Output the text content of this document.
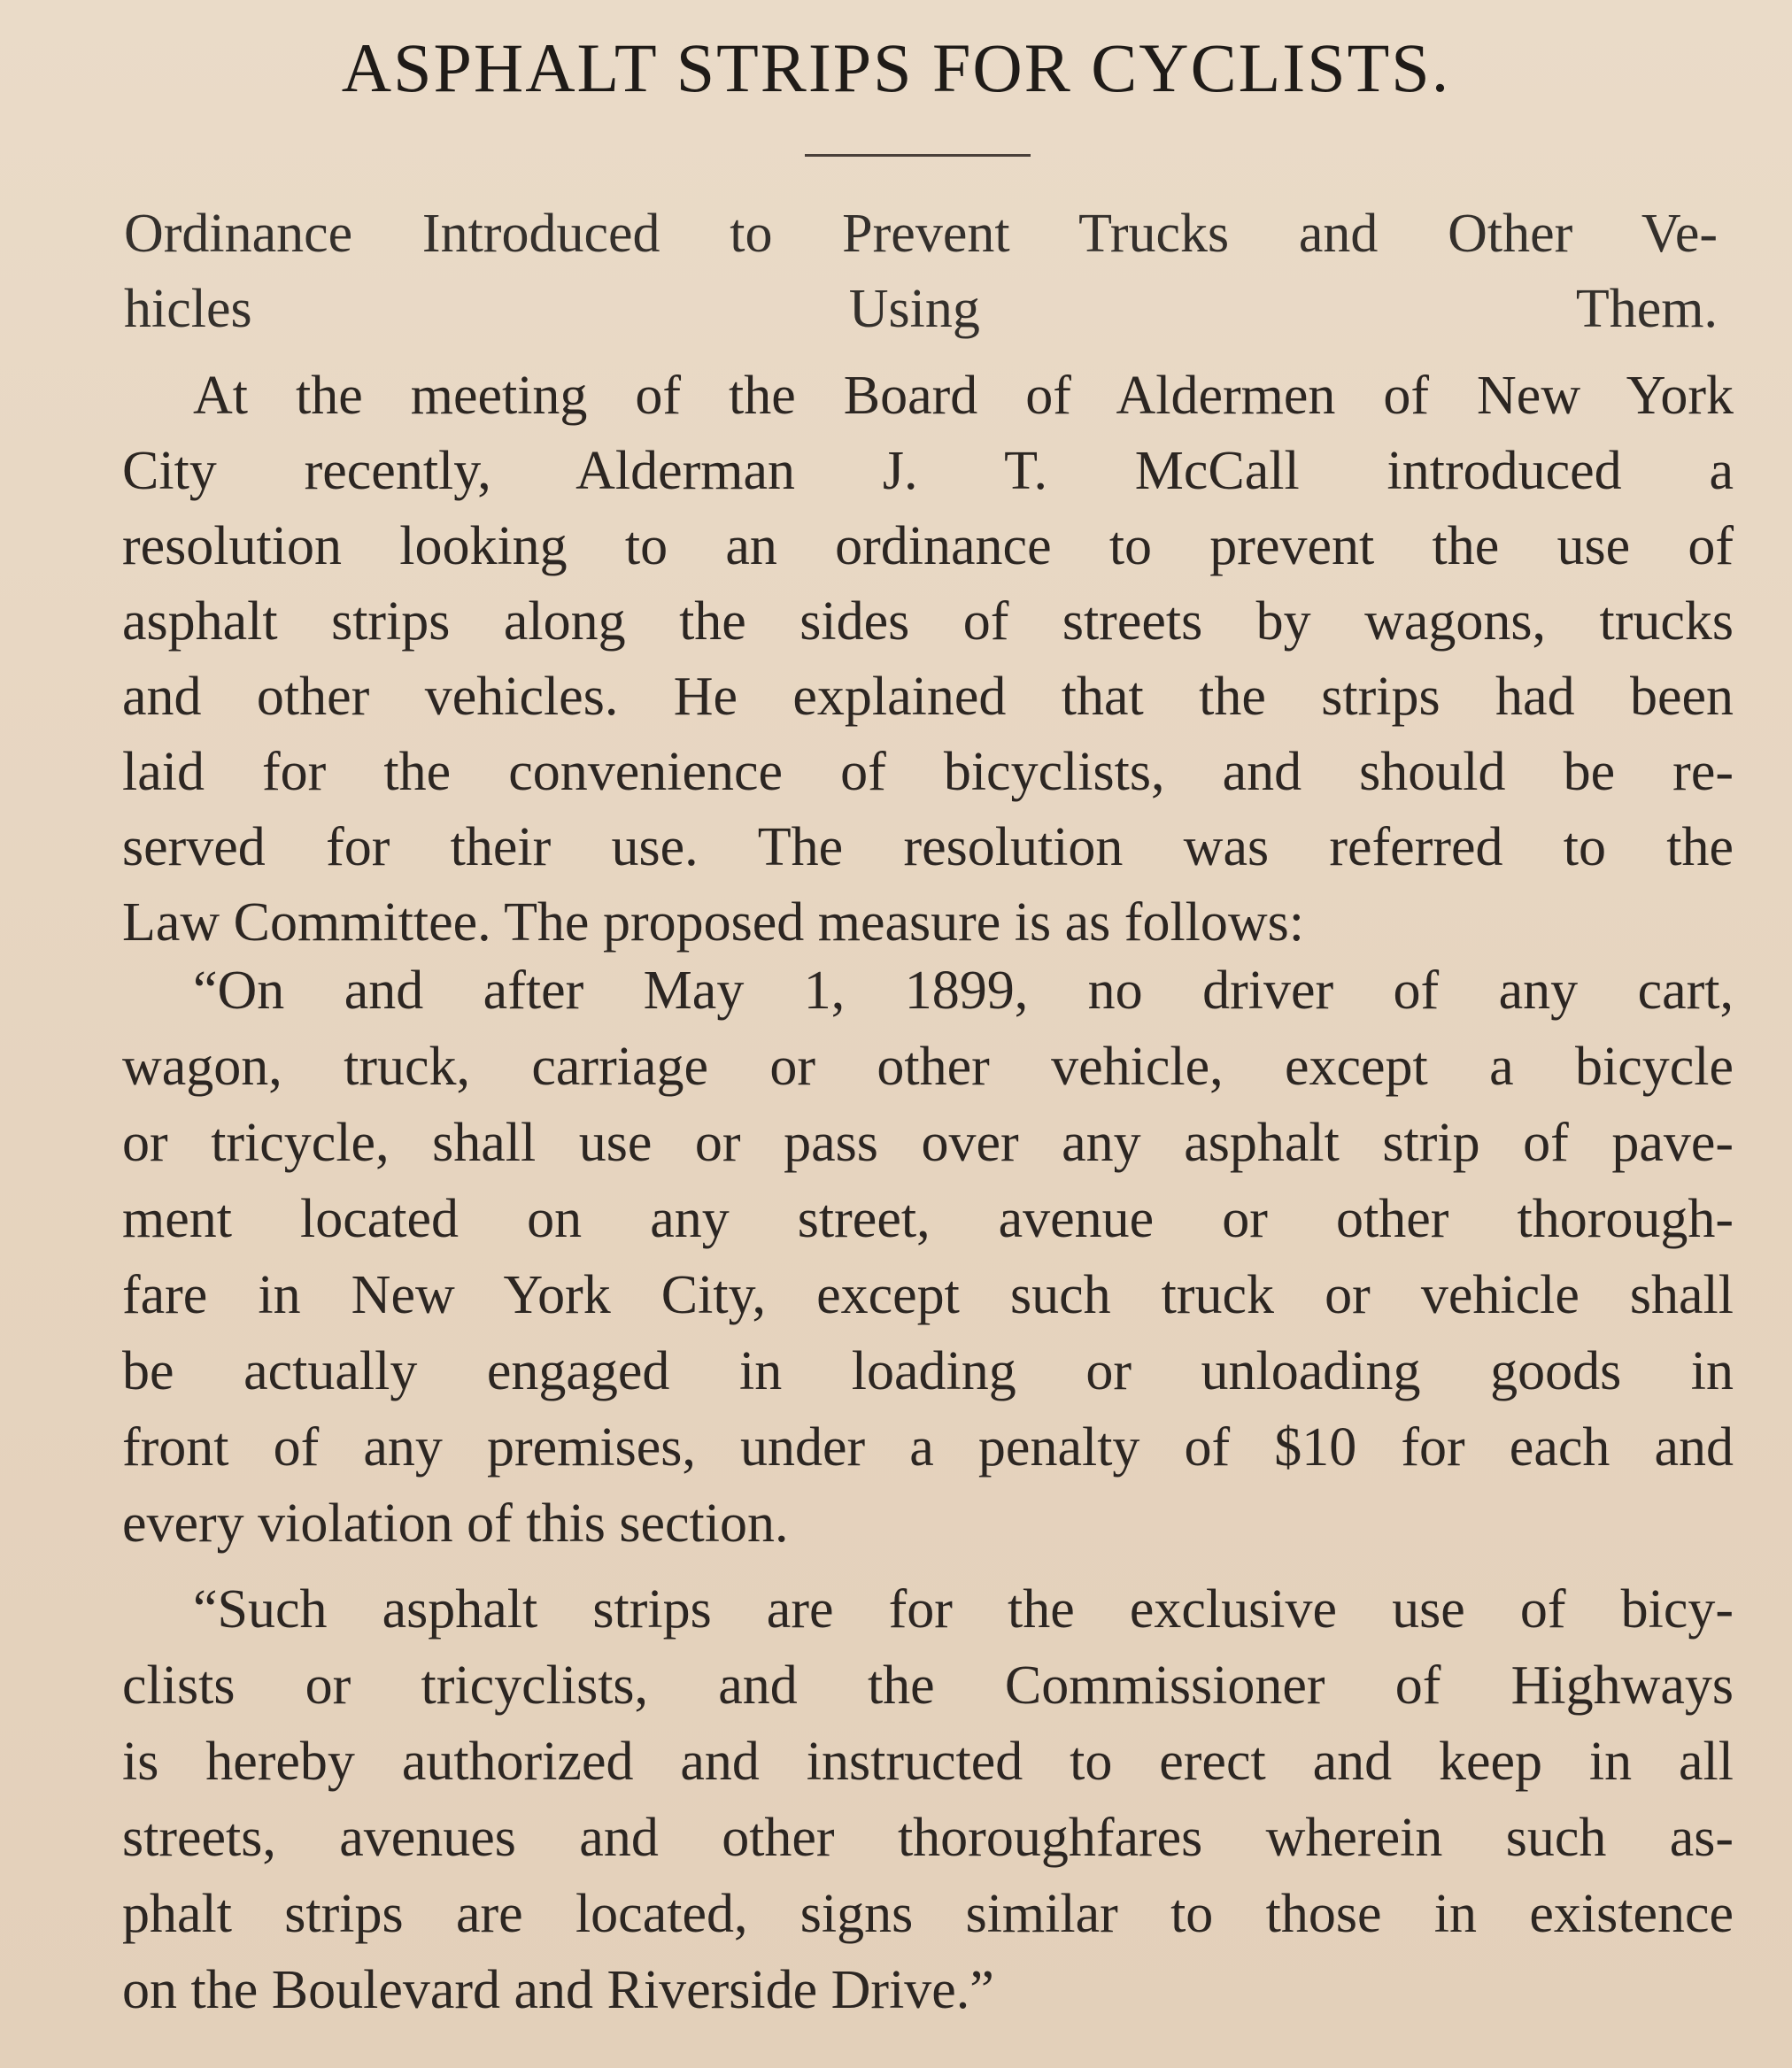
ASPHALT STRIPS FOR CYCLISTS.
Ordinance Introduced to Prevent Trucks and Other Ve-
hicles Using Them.
At the meeting of the Board of Aldermen of New York
City recently, Alderman J. T. McCall introduced a
resolution looking to an ordinance to prevent the use of
asphalt strips along the sides of streets by wagons, trucks
and other vehicles. He explained that the strips had been
laid for the convenience of bicyclists, and should be re-
served for their use. The resolution was referred to the
Law Committee. The proposed measure is as follows:
“On and after May 1, 1899, no driver of any cart,
wagon, truck, carriage or other vehicle, except a bicycle
or tricycle, shall use or pass over any asphalt strip of pave-
ment located on any street, avenue or other thorough-
fare in New York City, except such truck or vehicle shall
be actually engaged in loading or unloading goods in
front of any premises, under a penalty of $10 for each and
every violation of this section.
“Such asphalt strips are for the exclusive use of bicy-
clists or tricyclists, and the Commissioner of Highways
is hereby authorized and instructed to erect and keep in all
streets, avenues and other thoroughfares wherein such as-
phalt strips are located, signs similar to those in existence
on the Boulevard and Riverside Drive.”
